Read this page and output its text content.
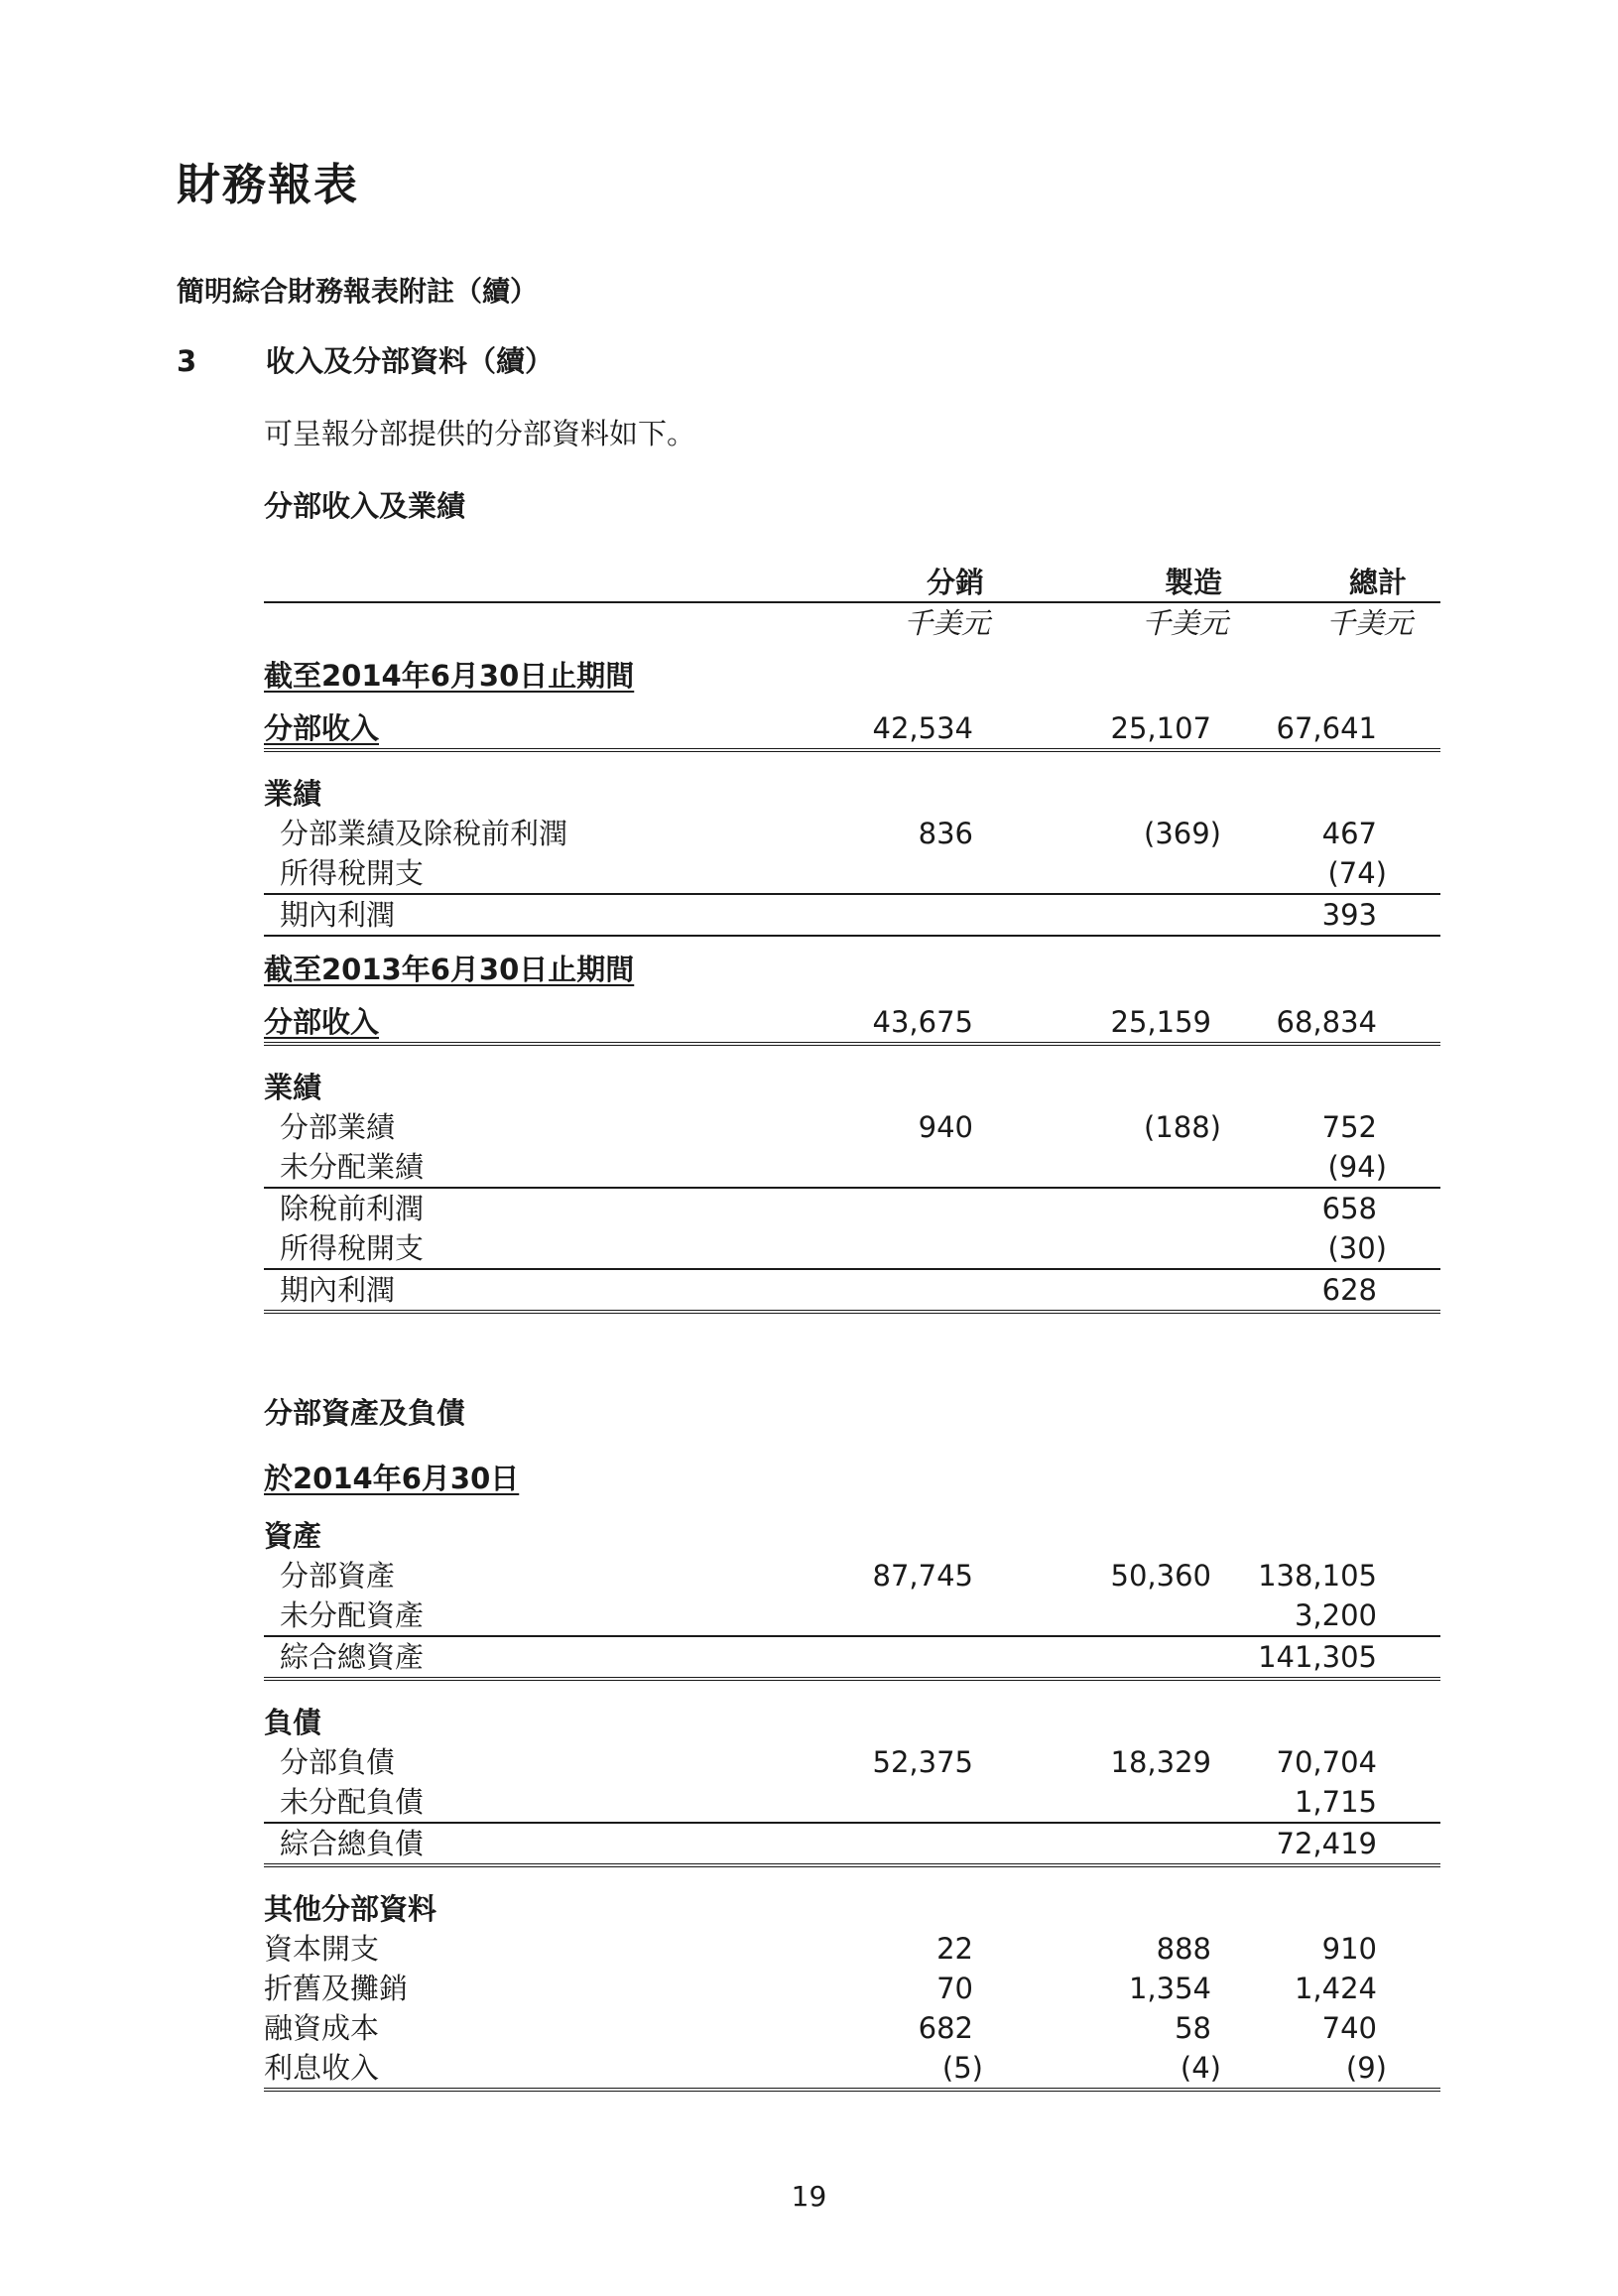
財務報表
簡明綜合財務報表附註（續）
3 收入及分部資料（續）
可呈報分部提供的分部資料如下。
分部收入及業績
	分銷	製造	總計
	千美元	千美元	千美元
截至2014年6月30日止期間			
分部收入	42,534	25,107	67,641

業績			
分部業績及除稅前利潤	836	(369)	467
所得稅開支			(74)
期內利潤			393
截至2013年6月30日止期間			
分部收入	43,675	25,159	68,834

業績			
分部業績	940	(188)	752
未分配業績			(94)
除稅前利潤			658
所得稅開支			(30)
期內利潤			628
分部資產及負債
於2014年6月30日
資產			
分部資產	87,745	50,360	138,105
未分配資產			3,200
綜合總資產			141,305

負債			
分部負債	52,375	18,329	70,704
未分配負債			1,715
綜合總負債			72,419

其他分部資料			
資本開支	22	888	910
折舊及攤銷	70	1,354	1,424
融資成本	682	58	740
利息收入	(5)	(4)	(9)
19
